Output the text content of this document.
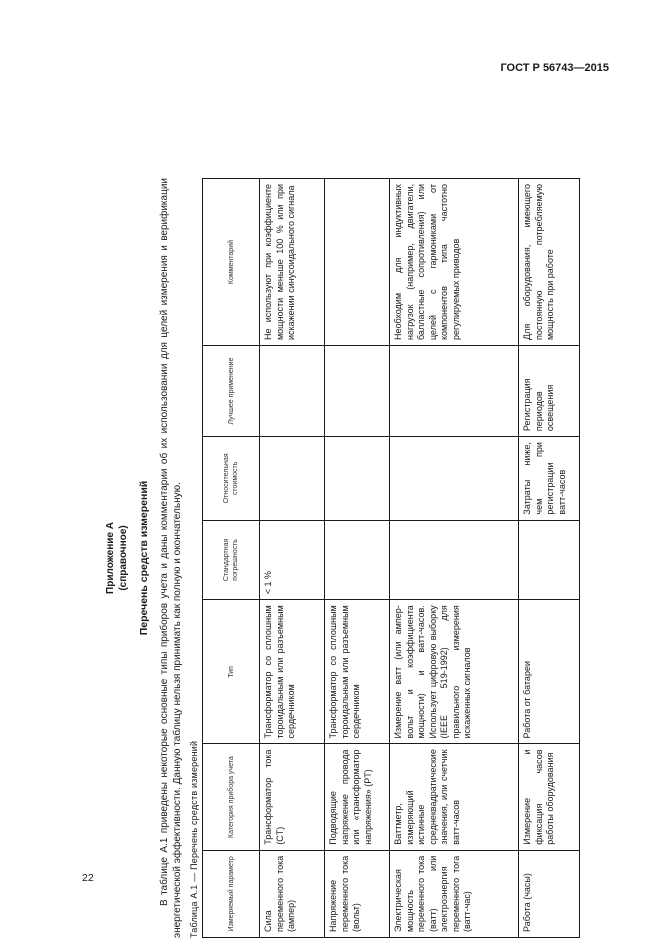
ГОСТ Р 56743—2015
Приложение А (справочное) Перечень средств измерений В таблице А.1 приведены некоторые основные типы приборов учета и даны комментарии об их использовании для целей измерения и верификации энергетической эффективности. Данную таблицу нельзя принимать как полную и окончательную. Таблица А.1 — Перечень средств измерений	Измеряемый параметр	Категория прибора учета	Тип	Стандартная погрешность	Относительная стоимость	Лучшее применение	Комментарий
Сила переменного тока (ампер)	Трансформатор тока (CT)	Трансформатор со сплошным тороидальным или разъемным сердечником	< 1 %			Не используют при коэффициенте мощности меньше 100 % или при искажении синусоидального сигнала
Напряжение переменного тока (вольт)	Подводящие напряжение провода или «трансформатор напряжения» (PT)	Трансформатор со сплошным тороидальным или разъемным сердечником				
Электрическая мощность переменного тока (ватт) или электроэнергия переменного тога (ватт-час)	Ваттметр, измеряющий истинные среднеквадратические значения, или счетчик ватт-часов	Измерение ватт (или ампер-вольт и коэффициента мощности) и ватт-часов. Использует цифровую выборку (IEEE 519-1992) для правильного измерения искаженных сигналов				Необходим для индуктивных нагрузок (например, двигатели, балластные сопротивления) или целей с гармониками от компонентов типа частотно регулируемых приводов
Работа (часы)	Измерение и фиксация часов работы оборудования	Работа от батареи		Затраты ниже, чем при регистрации ватт-часов	Регистрация периодов освещения	Для оборудования, имеющего постоянную потребляемую мощность при работе
22
